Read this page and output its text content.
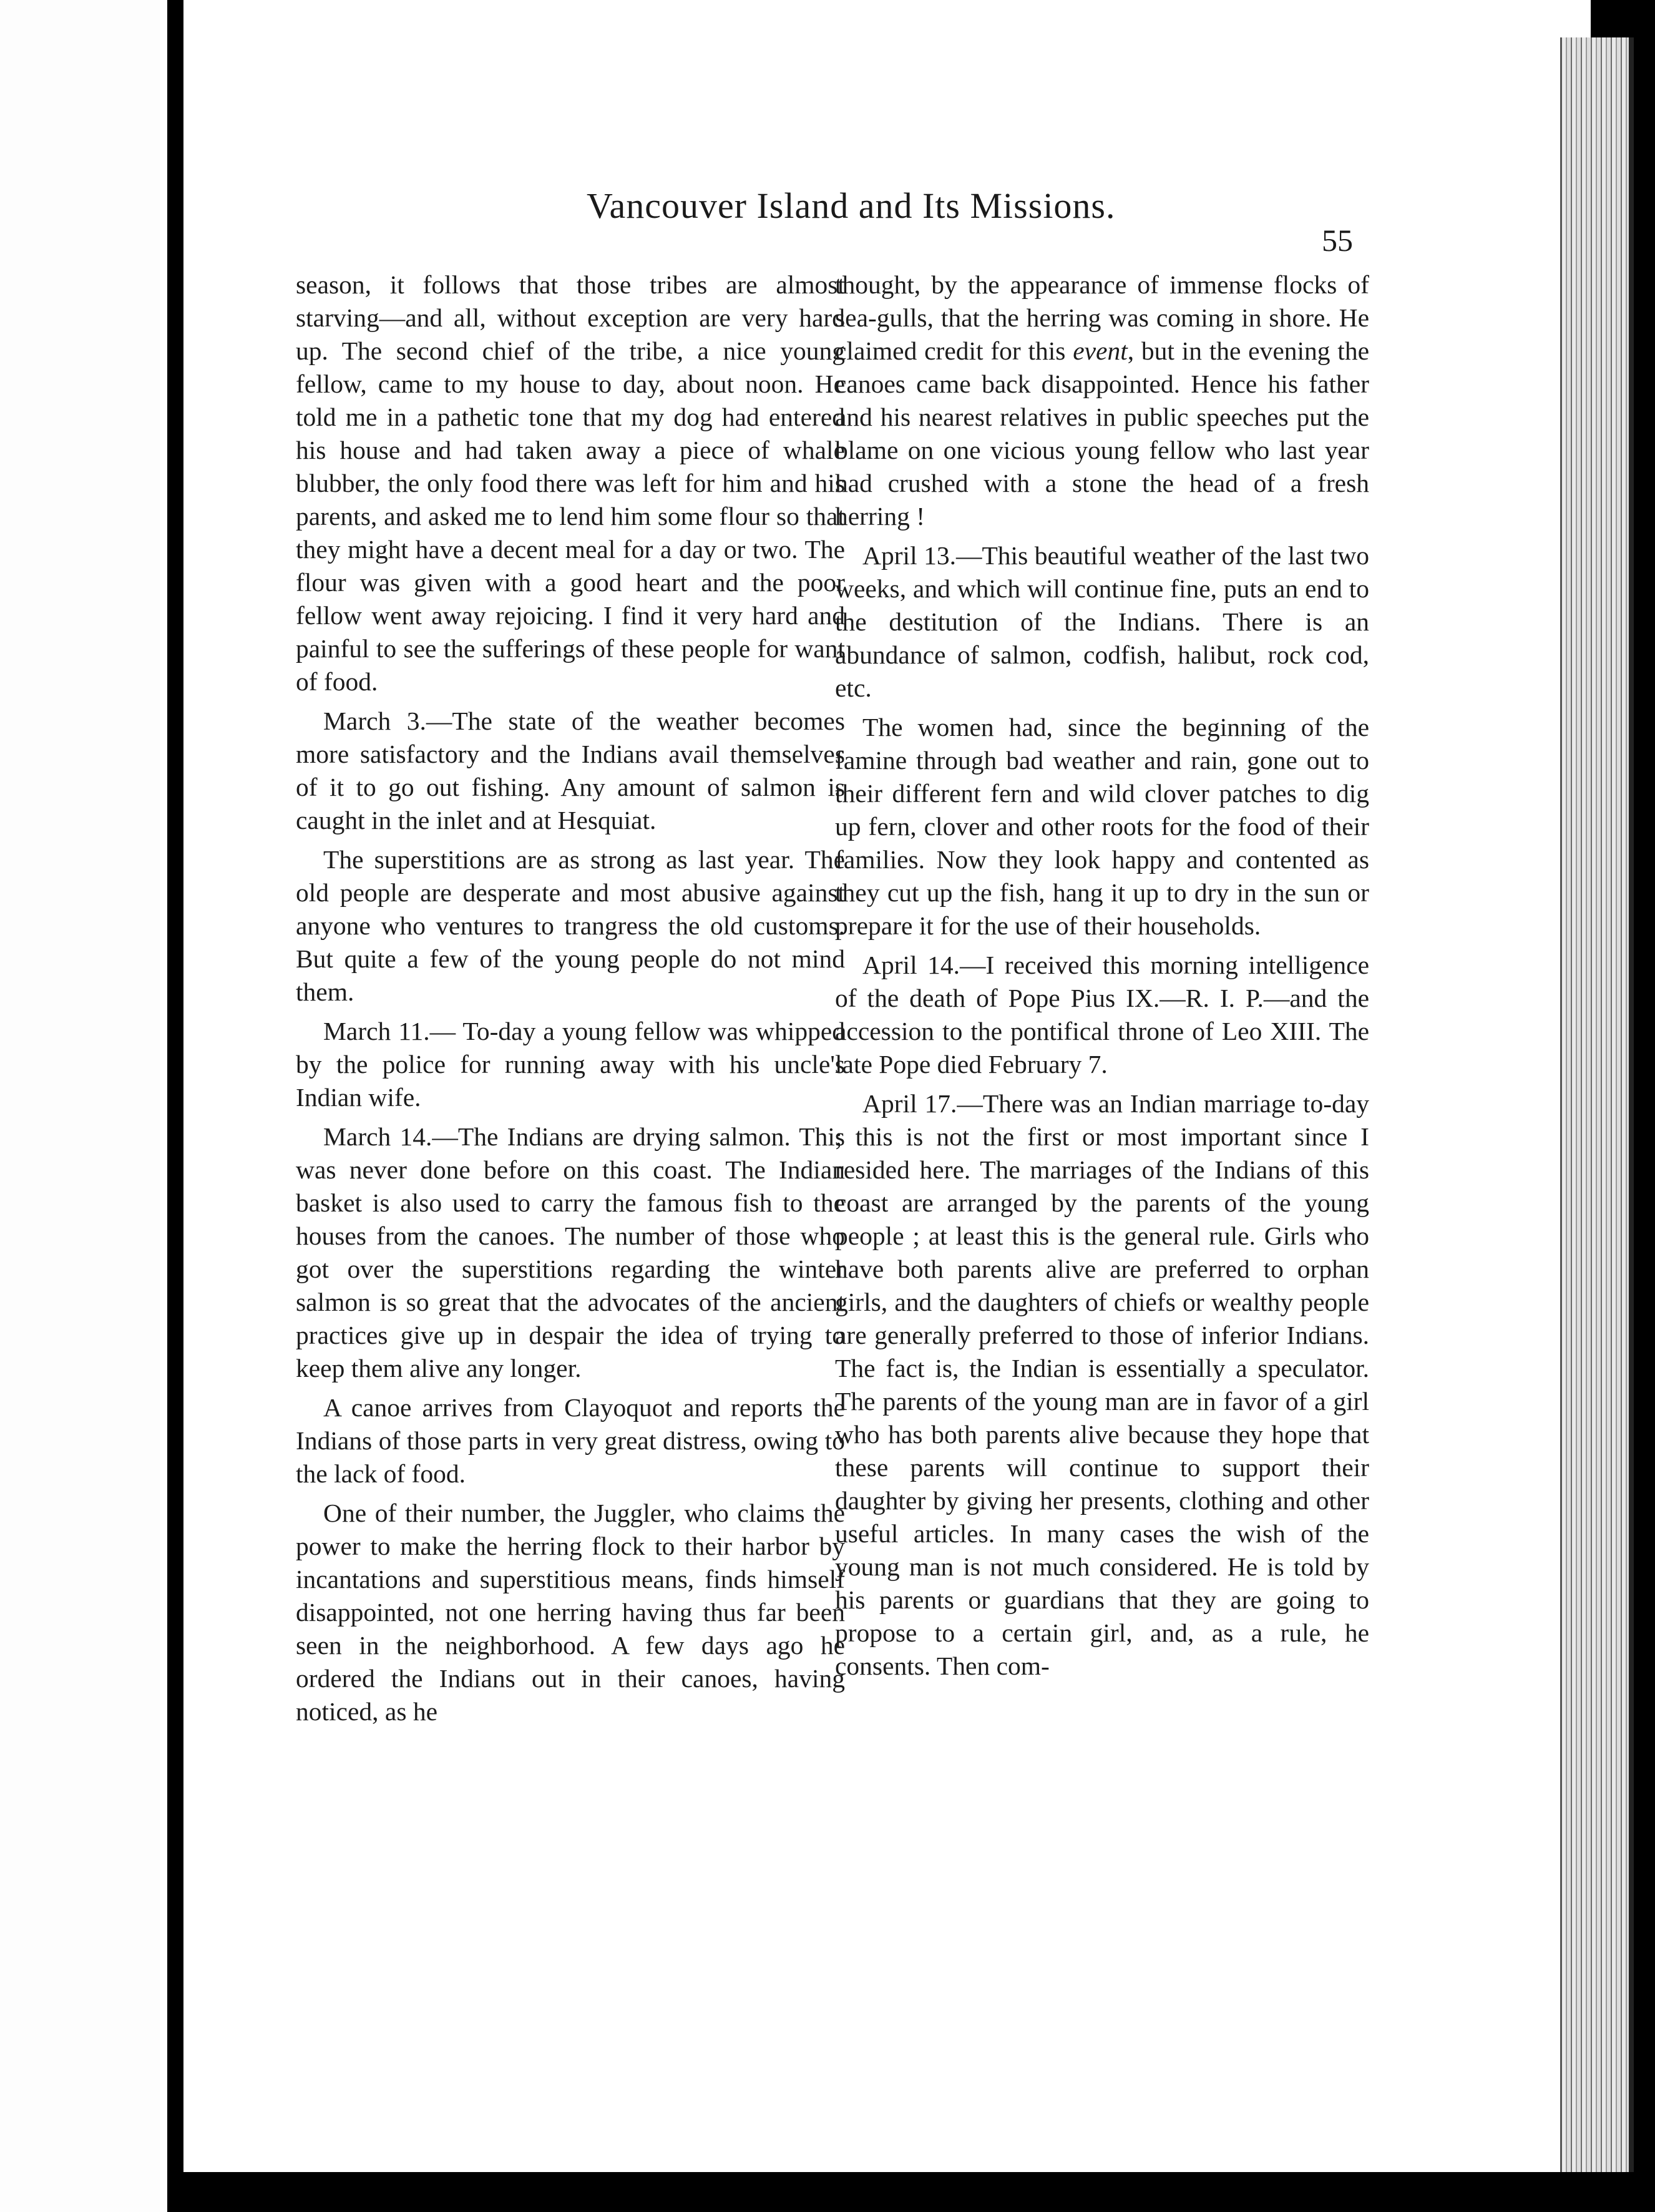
Vancouver Island and Its Missions.
55

season, it follows that those tribes are almost starving—and all, without exception are very hard up. The second chief of the tribe, a nice young fellow, came to my house to day, about noon. He told me in a pathetic tone that my dog had entered his house and had taken away a piece of whale blubber, the only food there was left for him and his parents, and asked me to lend him some flour so that they might have a decent meal for a day or two. The flour was given with a good heart and the poor fellow went away rejoicing. I find it very hard and painful to see the sufferings of these people for want of food.

March 3.—The state of the weather becomes more satisfactory and the Indians avail themselves of it to go out fishing. Any amount of salmon is caught in the inlet and at Hesquiat.

The superstitions are as strong as last year. The old people are desperate and most abusive against anyone who ventures to trangress the old customs. But quite a few of the young people do not mind them.

March 11.— To-day a young fellow was whipped by the police for running away with his uncle's Indian wife.

March 14.—The Indians are drying salmon. This was never done before on this coast. The Indian basket is also used to carry the famous fish to the houses from the canoes. The number of those who got over the superstitions regarding the winter salmon is so great that the advocates of the ancient practices give up in despair the idea of trying to keep them alive any longer.

A canoe arrives from Clayoquot and reports the Indians of those parts in very great distress, owing to the lack of food.

One of their number, the Juggler, who claims the power to make the herring flock to their harbor by incantations and superstitious means, finds himself disappointed, not one herring having thus far been seen in the neighborhood. A few days ago he ordered the Indians out in their canoes, having noticed, as he

thought, by the appearance of immense flocks of sea-gulls, that the herring was coming in shore. He claimed credit for this event, but in the evening the canoes came back disappointed. Hence his father and his nearest relatives in public speeches put the blame on one vicious young fellow who last year had crushed with a stone the head of a fresh herring !

April 13.—This beautiful weather of the last two weeks, and which will continue fine, puts an end to the destitution of the Indians. There is an abundance of salmon, codfish, halibut, rock cod, etc.

The women had, since the beginning of the famine through bad weather and rain, gone out to their different fern and wild clover patches to dig up fern, clover and other roots for the food of their families. Now they look happy and contented as they cut up the fish, hang it up to dry in the sun or prepare it for the use of their households.

April 14.—I received this morning intelligence of the death of Pope Pius IX.—R. I. P.—and the accession to the pontifical throne of Leo XIII. The late Pope died February 7.

April 17.—There was an Indian marriage to-day ; this is not the first or most important since I resided here. The marriages of the Indians of this coast are arranged by the parents of the young people ; at least this is the general rule. Girls who have both parents alive are preferred to orphan girls, and the daughters of chiefs or wealthy people are generally preferred to those of inferior Indians. The fact is, the Indian is essentially a speculator. The parents of the young man are in favor of a girl who has both parents alive because they hope that these parents will continue to support their daughter by giving her presents, clothing and other useful articles. In many cases the wish of the young man is not much considered. He is told by his parents or guardians that they are going to propose to a certain girl, and, as a rule, he consents. Then com-
